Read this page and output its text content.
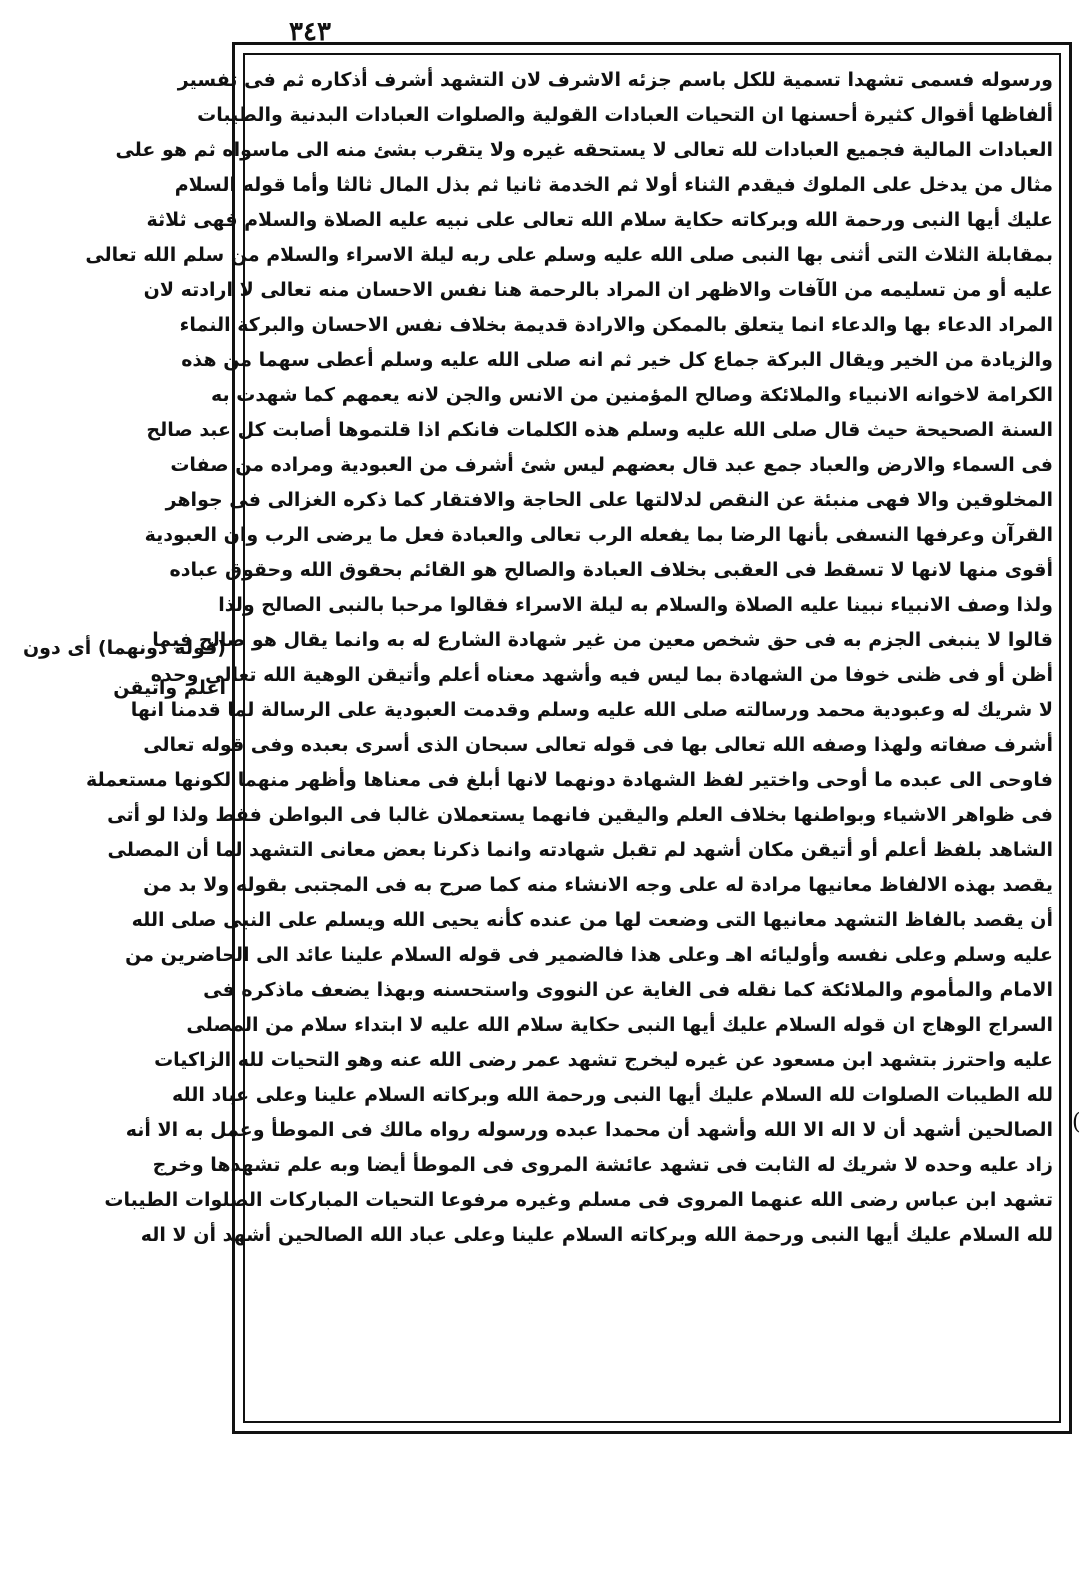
٣٤٣
(قوله دونهما) أى دون
اعلم واتيقن
ورسوله فسمى تشهدا تسمية للكل باسم جزئه الاشرف لان التشهد أشرف أذكاره ثم فى تفسير
ألفاظها أقوال كثيرة أحسنها ان التحيات العبادات القولية والصلوات العبادات البدنية والطيبات
العبادات المالية فجميع العبادات لله تعالى لا يستحقه غيره ولا يتقرب بشئ منه الى ماسواه ثم هو على
مثال من يدخل على الملوك فيقدم الثناء أولا ثم الخدمة ثانيا ثم بذل المال ثالثا وأما قوله السلام
عليك أيها النبى ورحمة الله وبركاته حكاية سلام الله تعالى على نبيه عليه الصلاة والسلام فهى ثلاثة
بمقابلة الثلاث التى أثنى بها النبى صلى الله عليه وسلم على ربه ليلة الاسراء والسلام من سلم الله تعالى
عليه أو من تسليمه من الآفات والاظهر ان المراد بالرحمة هنا نفس الاحسان منه تعالى لا ارادته لان
المراد الدعاء بها والدعاء انما يتعلق بالممكن والارادة قديمة بخلاف نفس الاحسان والبركة النماء
والزيادة من الخير ويقال البركة جماع كل خير ثم انه صلى الله عليه وسلم أعطى سهما من هذه
الكرامة لاخوانه الانبياء والملائكة وصالح المؤمنين من الانس والجن لانه يعمهم كما شهدت به
السنة الصحيحة حيث قال صلى الله عليه وسلم هذه الكلمات فانكم اذا قلتموها أصابت كل عبد صالح
فى السماء والارض والعباد جمع عبد قال بعضهم ليس شئ أشرف من العبودية ومراده من صفات
المخلوقين والا فهى منبئة عن النقص لدلالتها على الحاجة والافتقار كما ذكره الغزالى فى جواهر
القرآن وعرفها النسفى بأنها الرضا بما يفعله الرب تعالى والعبادة فعل ما يرضى الرب وان العبودية
أقوى منها لانها لا تسقط فى العقبى بخلاف العبادة والصالح هو القائم بحقوق الله وحقوق عباده
ولذا وصف الانبياء نبينا عليه الصلاة والسلام به ليلة الاسراء فقالوا مرحبا بالنبى الصالح ولذا
قالوا لا ينبغى الجزم به فى حق شخص معين من غير شهادة الشارع له به وانما يقال هو صالح فيما
أظن أو فى ظنى خوفا من الشهادة بما ليس فيه وأشهد معناه أعلم وأتيقن الوهية الله تعالى وحده
لا شريك له وعبودية محمد ورسالته صلى الله عليه وسلم وقدمت العبودية على الرسالة لما قدمنا انها
أشرف صفاته ولهذا وصفه الله تعالى بها فى قوله تعالى سبحان الذى أسرى بعبده وفى قوله تعالى
فاوحى الى عبده ما أوحى واختير لفظ الشهادة دونهما لانها أبلغ فى معناها وأظهر منهما لكونها مستعملة
فى ظواهر الاشياء وبواطنها بخلاف العلم واليقين فانهما يستعملان غالبا فى البواطن فقط ولذا لو أتى
الشاهد بلفظ أعلم أو أتيقن مكان أشهد لم تقبل شهادته وانما ذكرنا بعض معانى التشهد لما أن المصلى
يقصد بهذه الالفاظ معانيها مرادة له على وجه الانشاء منه كما صرح به فى المجتبى بقوله ولا بد من
أن يقصد بالفاظ التشهد معانيها التى وضعت لها من عنده كأنه يحيى الله ويسلم على النبى صلى الله
عليه وسلم وعلى نفسه وأوليائه اهـ وعلى هذا فالضمير فى قوله السلام علينا عائد الى الحاضرين من
الامام والمأموم والملائكة كما نقله فى الغاية عن النووى واستحسنه وبهذا يضعف ماذكره فى
السراج الوهاج ان قوله السلام عليك أيها النبى حكاية سلام الله عليه لا ابتداء سلام من المصلى
عليه واحترز بتشهد ابن مسعود عن غيره ليخرج تشهد عمر رضى الله عنه وهو التحيات لله الزاكيات
لله الطيبات الصلوات لله السلام عليك أيها النبى ورحمة الله وبركاته السلام علينا وعلى عباد الله
الصالحين أشهد أن لا اله الا الله وأشهد أن محمدا عبده ورسوله رواه مالك فى الموطأ وعمل به الا أنه
زاد عليه وحده لا شريك له الثابت فى تشهد عائشة المروى فى الموطأ أيضا وبه علم تشهدها وخرج
تشهد ابن عباس رضى الله عنهما المروى فى مسلم وغيره مرفوعا التحيات المباركات الصلوات الطيبات
لله السلام عليك أيها النبى ورحمة الله وبركاته السلام علينا وعلى عباد الله الصالحين أشهد أن لا اله
(
